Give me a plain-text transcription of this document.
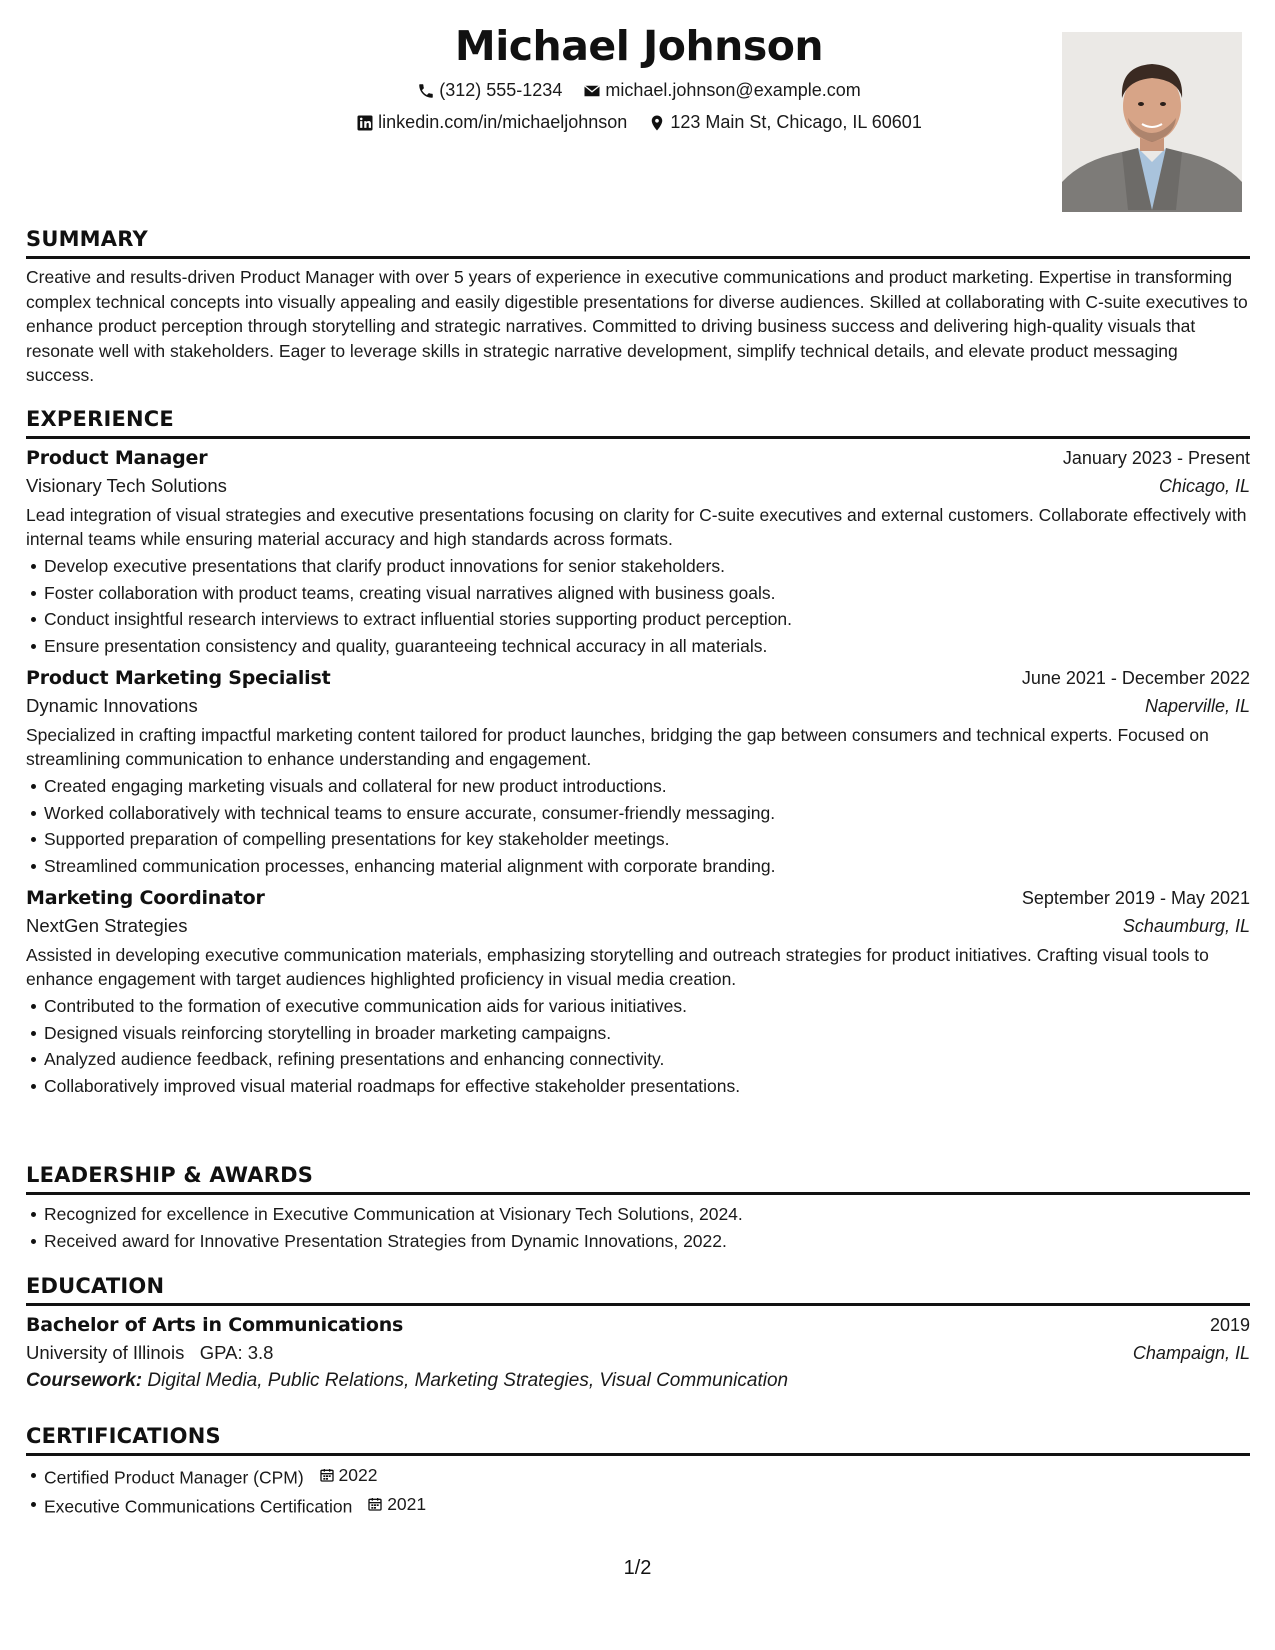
Michael Johnson
(312) 555-1234
michael.johnson@example.com
linkedin.com/in/michaeljohnson
123 Main St, Chicago, IL 60601
SUMMARY
Creative and results-driven Product Manager with over 5 years of experience in executive communications and product marketing. Expertise in transforming complex technical concepts into visually appealing and easily digestible presentations for diverse audiences. Skilled at collaborating with C-suite executives to enhance product perception through storytelling and strategic narratives. Committed to driving business success and delivering high-quality visuals that resonate well with stakeholders. Eager to leverage skills in strategic narrative development, simplify technical details, and elevate product messaging success.
EXPERIENCE
Product Manager	January 2023 - Present
Visionary Tech Solutions	Chicago, IL
Lead integration of visual strategies and executive presentations focusing on clarity for C-suite executives and external customers. Collaborate effectively with internal teams while ensuring material accuracy and high standards across formats.
Develop executive presentations that clarify product innovations for senior stakeholders.
Foster collaboration with product teams, creating visual narratives aligned with business goals.
Conduct insightful research interviews to extract influential stories supporting product perception.
Ensure presentation consistency and quality, guaranteeing technical accuracy in all materials.
Product Marketing Specialist	June 2021 - December 2022
Dynamic Innovations	Naperville, IL
Specialized in crafting impactful marketing content tailored for product launches, bridging the gap between consumers and technical experts. Focused on streamlining communication to enhance understanding and engagement.
Created engaging marketing visuals and collateral for new product introductions.
Worked collaboratively with technical teams to ensure accurate, consumer-friendly messaging.
Supported preparation of compelling presentations for key stakeholder meetings.
Streamlined communication processes, enhancing material alignment with corporate branding.
Marketing Coordinator	September 2019 - May 2021
NextGen Strategies	Schaumburg, IL
Assisted in developing executive communication materials, emphasizing storytelling and outreach strategies for product initiatives. Crafting visual tools to enhance engagement with target audiences highlighted proficiency in visual media creation.
Contributed to the formation of executive communication aids for various initiatives.
Designed visuals reinforcing storytelling in broader marketing campaigns.
Analyzed audience feedback, refining presentations and enhancing connectivity.
Collaboratively improved visual material roadmaps for effective stakeholder presentations.
LEADERSHIP & AWARDS
Recognized for excellence in Executive Communication at Visionary Tech Solutions, 2024.
Received award for Innovative Presentation Strategies from Dynamic Innovations, 2022.
EDUCATION
Bachelor of Arts in Communications	2019
University of Illinois GPA: 3.8	Champaign, IL
Coursework: Digital Media, Public Relations, Marketing Strategies, Visual Communication
CERTIFICATIONS
Certified Product Manager (CPM) 2022
Executive Communications Certification 2021
1/2
